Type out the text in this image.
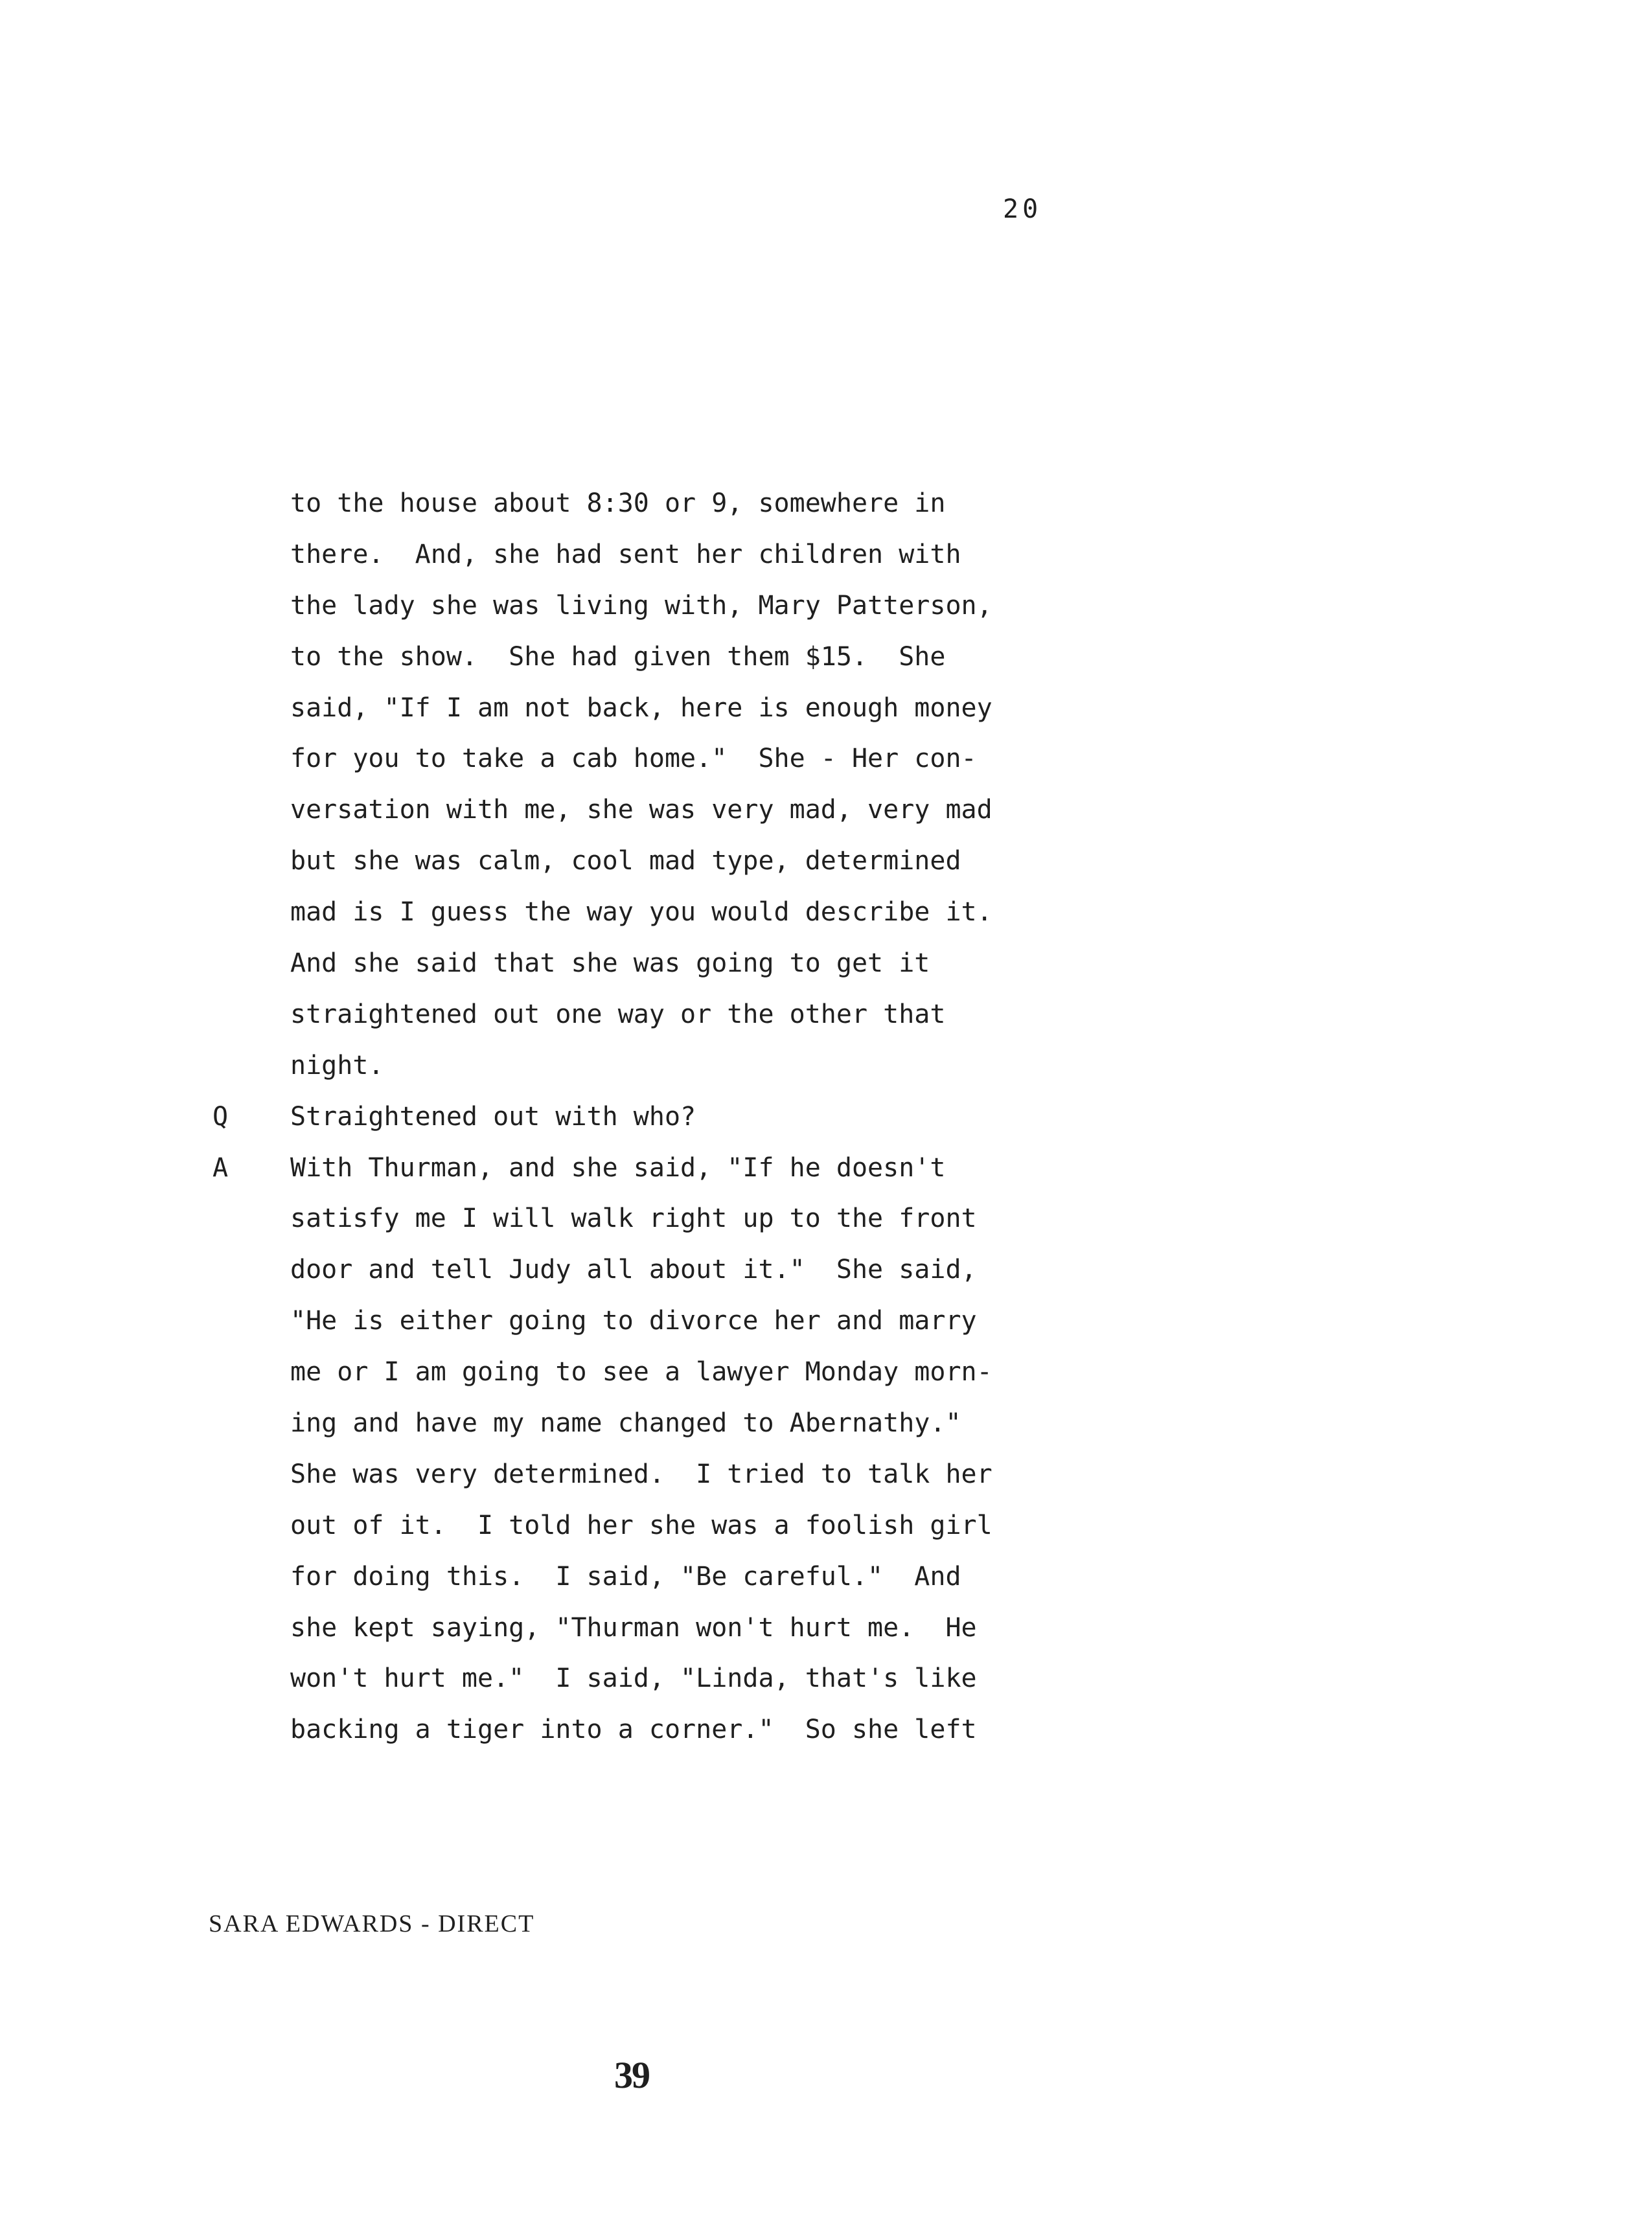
20
to the house about 8:30 or 9, somewhere in
there.  And, she had sent her children with
the lady she was living with, Mary Patterson,
to the show.  She had given them $15.  She
said, "If I am not back, here is enough money
for you to take a cab home."  She - Her con-
versation with me, she was very mad, very mad
but she was calm, cool mad type, determined
mad is I guess the way you would describe it.
And she said that she was going to get it
straightened out one way or the other that
night.
Q Straightened out with who?
A With Thurman, and she said, "If he doesn't
satisfy me I will walk right up to the front
door and tell Judy all about it."  She said,
"He is either going to divorce her and marry
me or I am going to see a lawyer Monday morn-
ing and have my name changed to Abernathy."
She was very determined.  I tried to talk her
out of it.  I told her she was a foolish girl
for doing this.  I said, "Be careful."  And
she kept saying, "Thurman won't hurt me.  He
won't hurt me."  I said, "Linda, that's like
backing a tiger into a corner."  So she left
SARA EDWARDS - DIRECT
39
